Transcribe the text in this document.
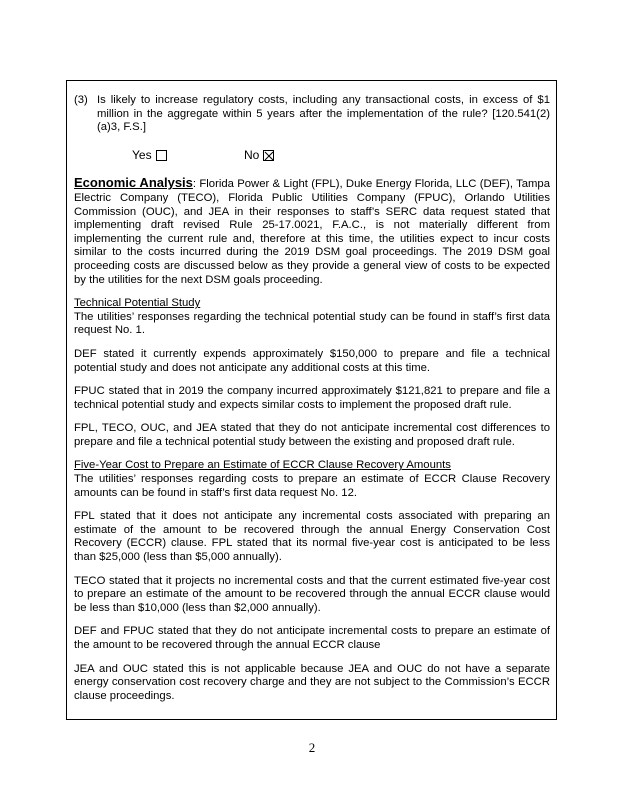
(3) Is likely to increase regulatory costs, including any transactional costs, in excess of $1 million in the aggregate within 5 years after the implementation of the rule? [120.541(2)(a)3, F.S.]
Yes	No

Economic Analysis: Florida Power & Light (FPL), Duke Energy Florida, LLC (DEF), Tampa Electric Company (TECO), Florida Public Utilities Company (FPUC), Orlando Utilities Commission (OUC), and JEA in their responses to staff’s SERC data request stated that implementing draft revised Rule 25-17.0021, F.A.C., is not materially different from implementing the current rule and, therefore at this time, the utilities expect to incur costs similar to the costs incurred during the 2019 DSM goal proceedings. The 2019 DSM goal proceeding costs are discussed below as they provide a general view of costs to be expected by the utilities for the next DSM goals proceeding.

Technical Potential Study
The utilities’ responses regarding the technical potential study can be found in staff’s first data request No. 1.

DEF stated it currently expends approximately $150,000 to prepare and file a technical potential study and does not anticipate any additional costs at this time.

FPUC stated that in 2019 the company incurred approximately $121,821 to prepare and file a technical potential study and expects similar costs to implement the proposed draft rule.

FPL, TECO, OUC, and JEA stated that they do not anticipate incremental cost differences to prepare and file a technical potential study between the existing and proposed draft rule.

Five-Year Cost to Prepare an Estimate of ECCR Clause Recovery Amounts
The utilities’ responses regarding costs to prepare an estimate of ECCR Clause Recovery amounts can be found in staff’s first data request No. 12.

FPL stated that it does not anticipate any incremental costs associated with preparing an estimate of the amount to be recovered through the annual Energy Conservation Cost Recovery (ECCR) clause. FPL stated that its normal five-year cost is anticipated to be less than $25,000 (less than $5,000 annually).

TECO stated that it projects no incremental costs and that the current estimated five-year cost to prepare an estimate of the amount to be recovered through the annual ECCR clause would be less than $10,000 (less than $2,000 annually).

DEF and FPUC stated that they do not anticipate incremental costs to prepare an estimate of the amount to be recovered through the annual ECCR clause

JEA and OUC stated this is not applicable because JEA and OUC do not have a separate energy conservation cost recovery charge and they are not subject to the Commission’s ECCR clause proceedings.

2
